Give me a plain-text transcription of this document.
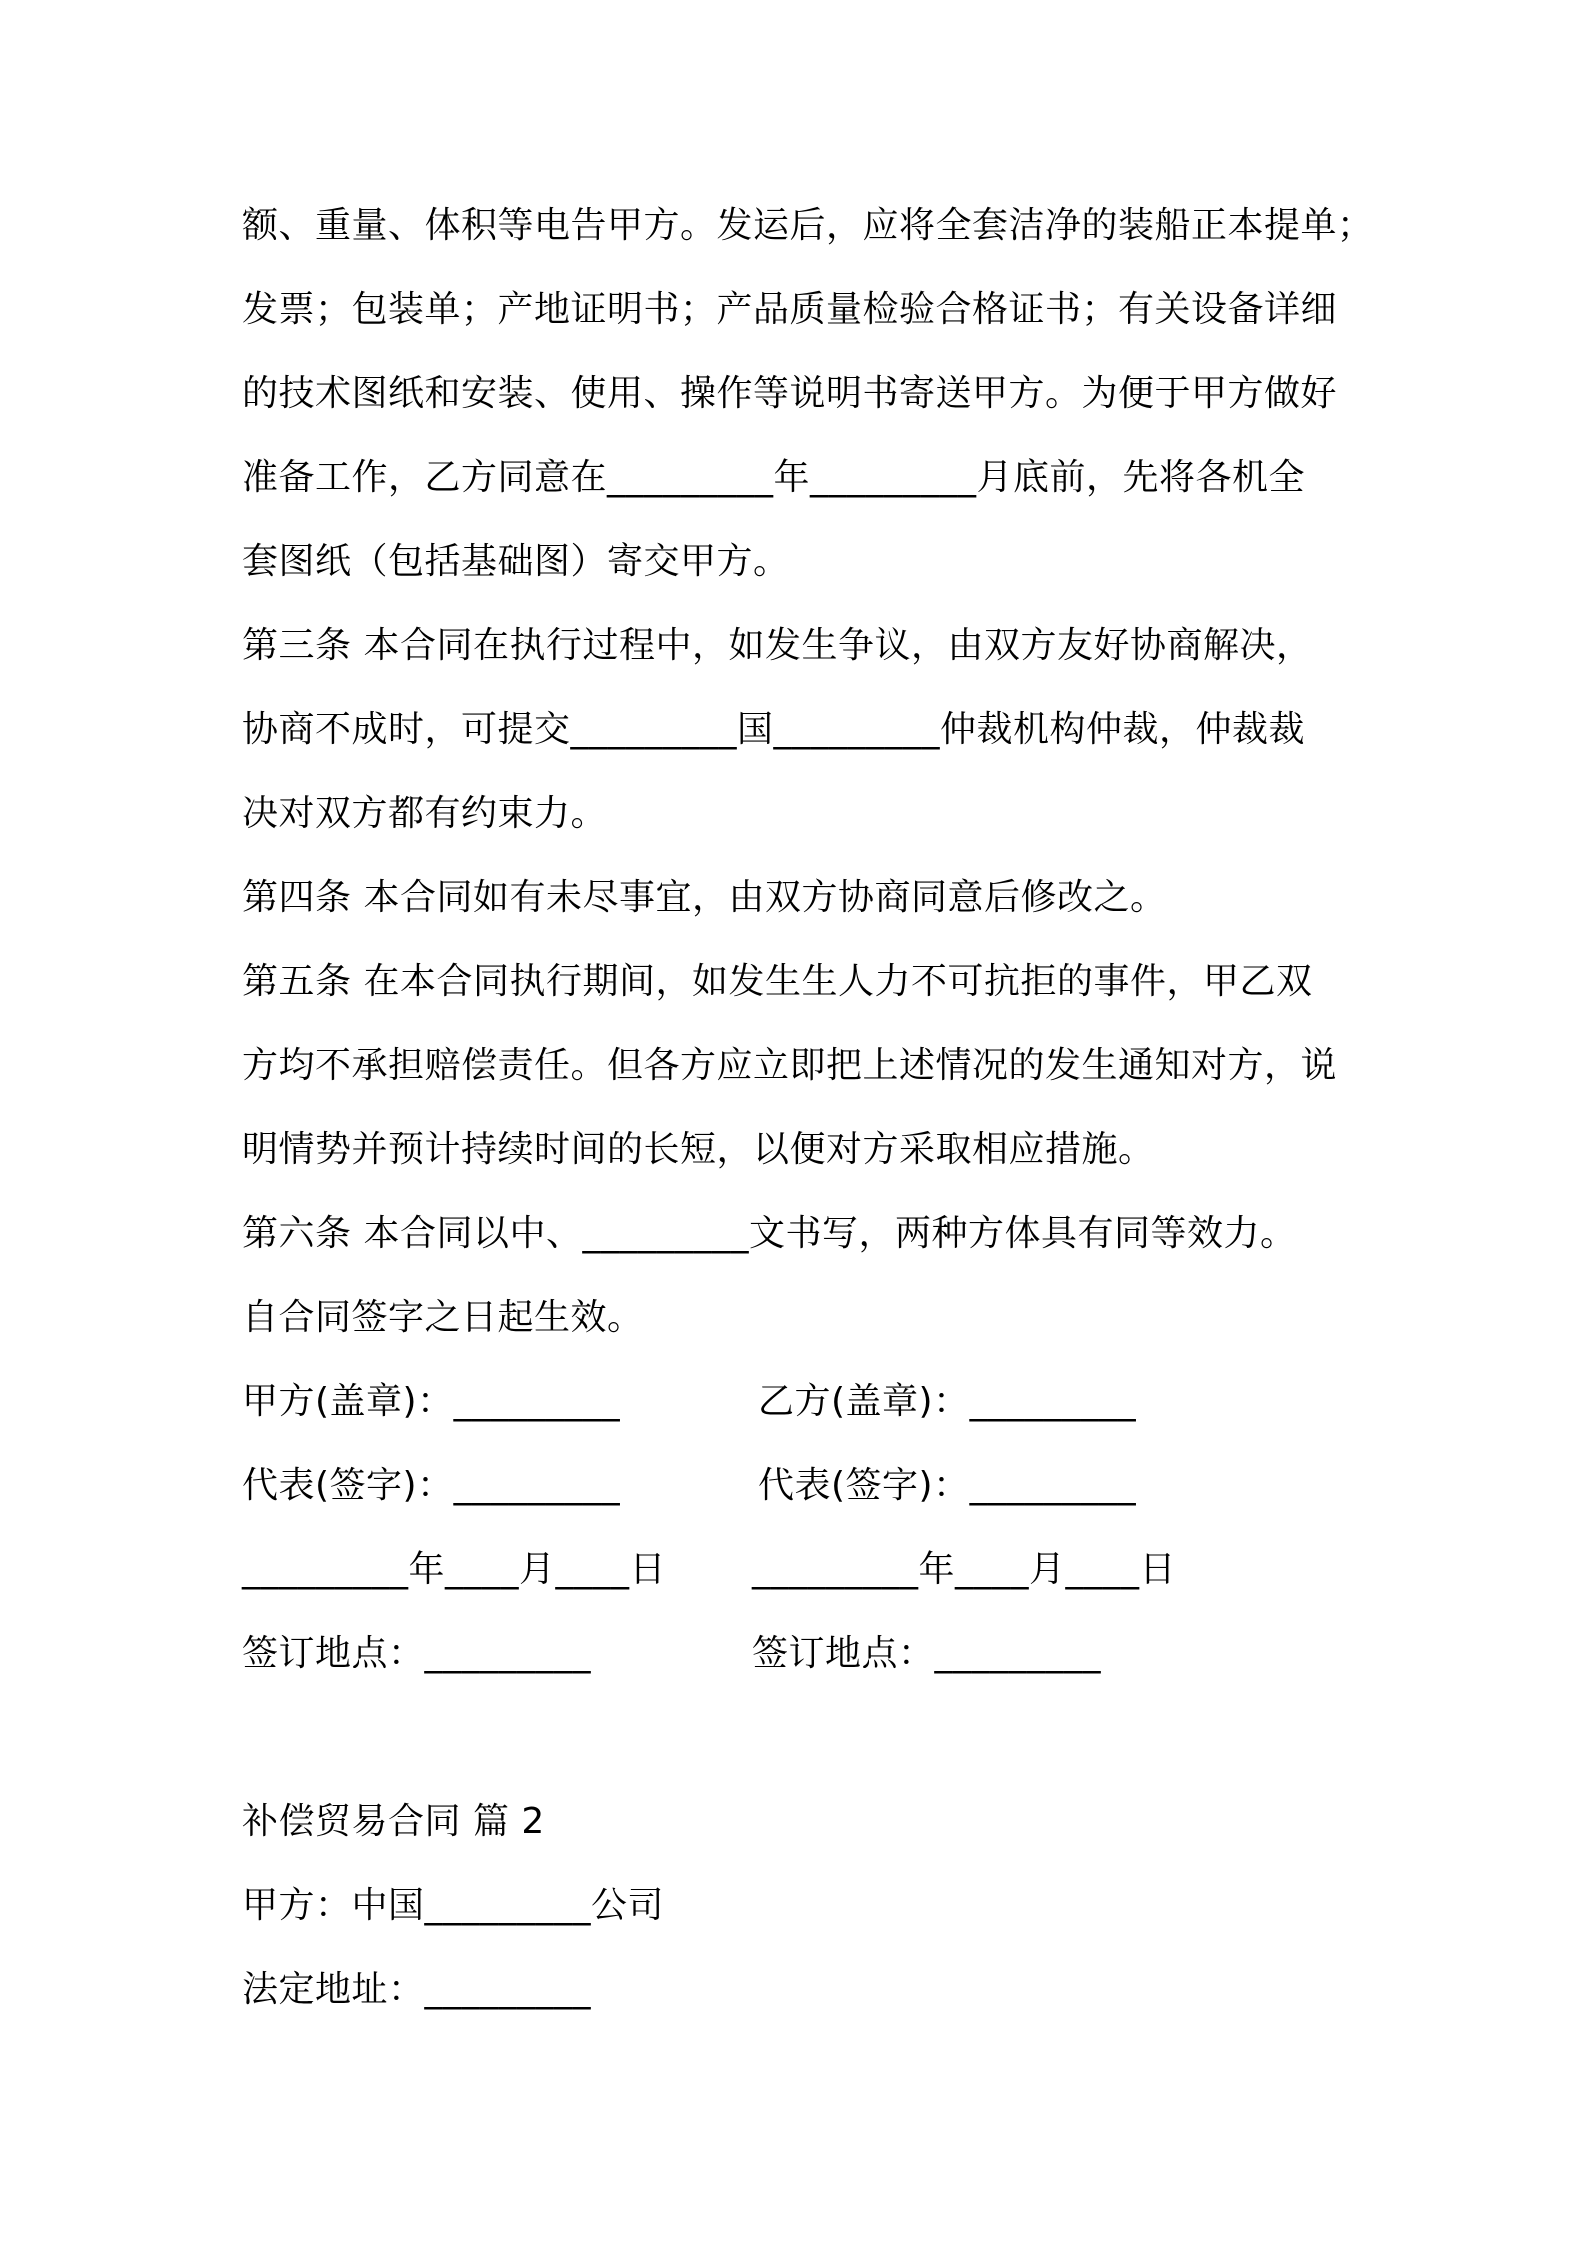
额、重量、体积等电告甲方。发运后，应将全套洁净的装船正本提单；
发票；包装单；产地证明书；产品质量检验合格证书；有关设备详细
的技术图纸和安装、使用、操作等说明书寄送甲方。为便于甲方做好
准备工作，乙方同意在_________年_________月底前，先将各机全
套图纸（包括基础图）寄交甲方。
第三条 本合同在执行过程中，如发生争议，由双方友好协商解决，
协商不成时，可提交_________国_________仲裁机构仲裁，仲裁裁
决对双方都有约束力。
第四条 本合同如有未尽事宜，由双方协商同意后修改之。
第五条 在本合同执行期间，如发生生人力不可抗拒的事件，甲乙双
方均不承担赔偿责任。但各方应立即把上述情况的发生通知对方，说
明情势并预计持续时间的长短，以便对方采取相应措施。
第六条 本合同以中、_________文书写，两种方体具有同等效力。
自合同签字之日起生效。
甲方(盖章)：_________	乙方(盖章)：_________
代表(签字)：_________	代表(签字)：_________
_________年____月____日 _________年____月____日
签订地点：_________	签订地点：_________
补偿贸易合同 篇 2
甲方：中国_________公司
法定地址：_________
